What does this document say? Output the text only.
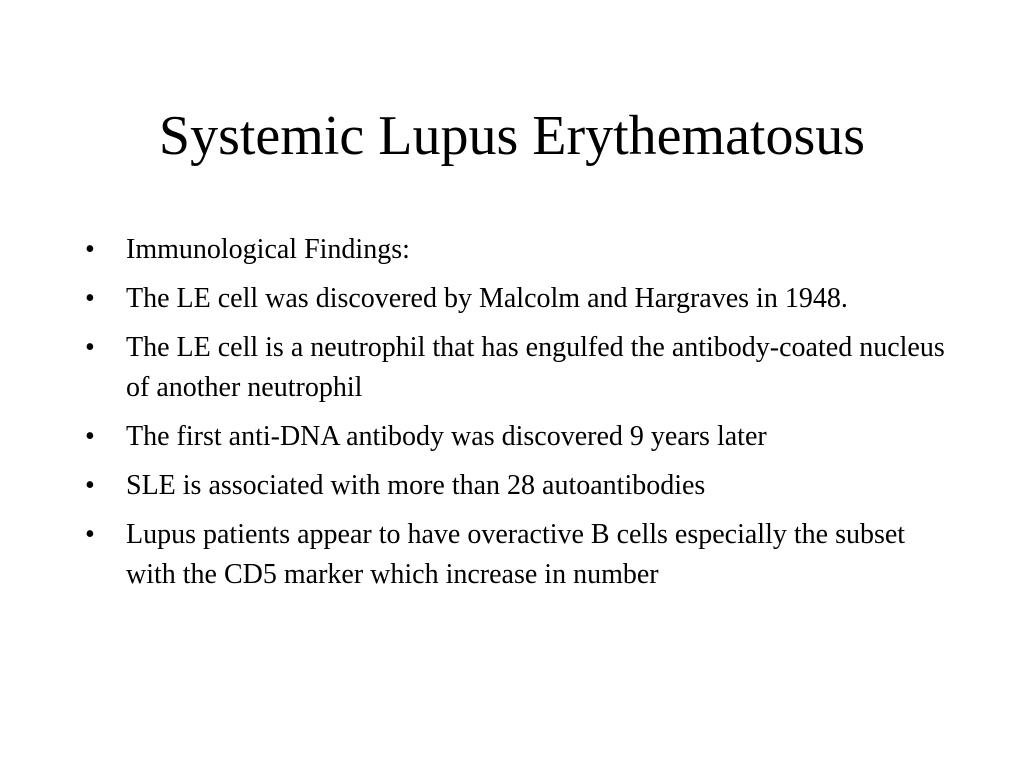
Systemic Lupus Erythematosus
•	Immunological Findings:
•	The LE cell was discovered by Malcolm and Hargraves in 1948.
•	The LE cell is a neutrophil that has engulfed the antibody-coated nucleus of another neutrophil
•	The first anti-DNA antibody was discovered 9 years later
•	SLE is associated with more than 28 autoantibodies
•	Lupus patients appear to have overactive B cells especially the subset with the CD5 marker which increase in number
